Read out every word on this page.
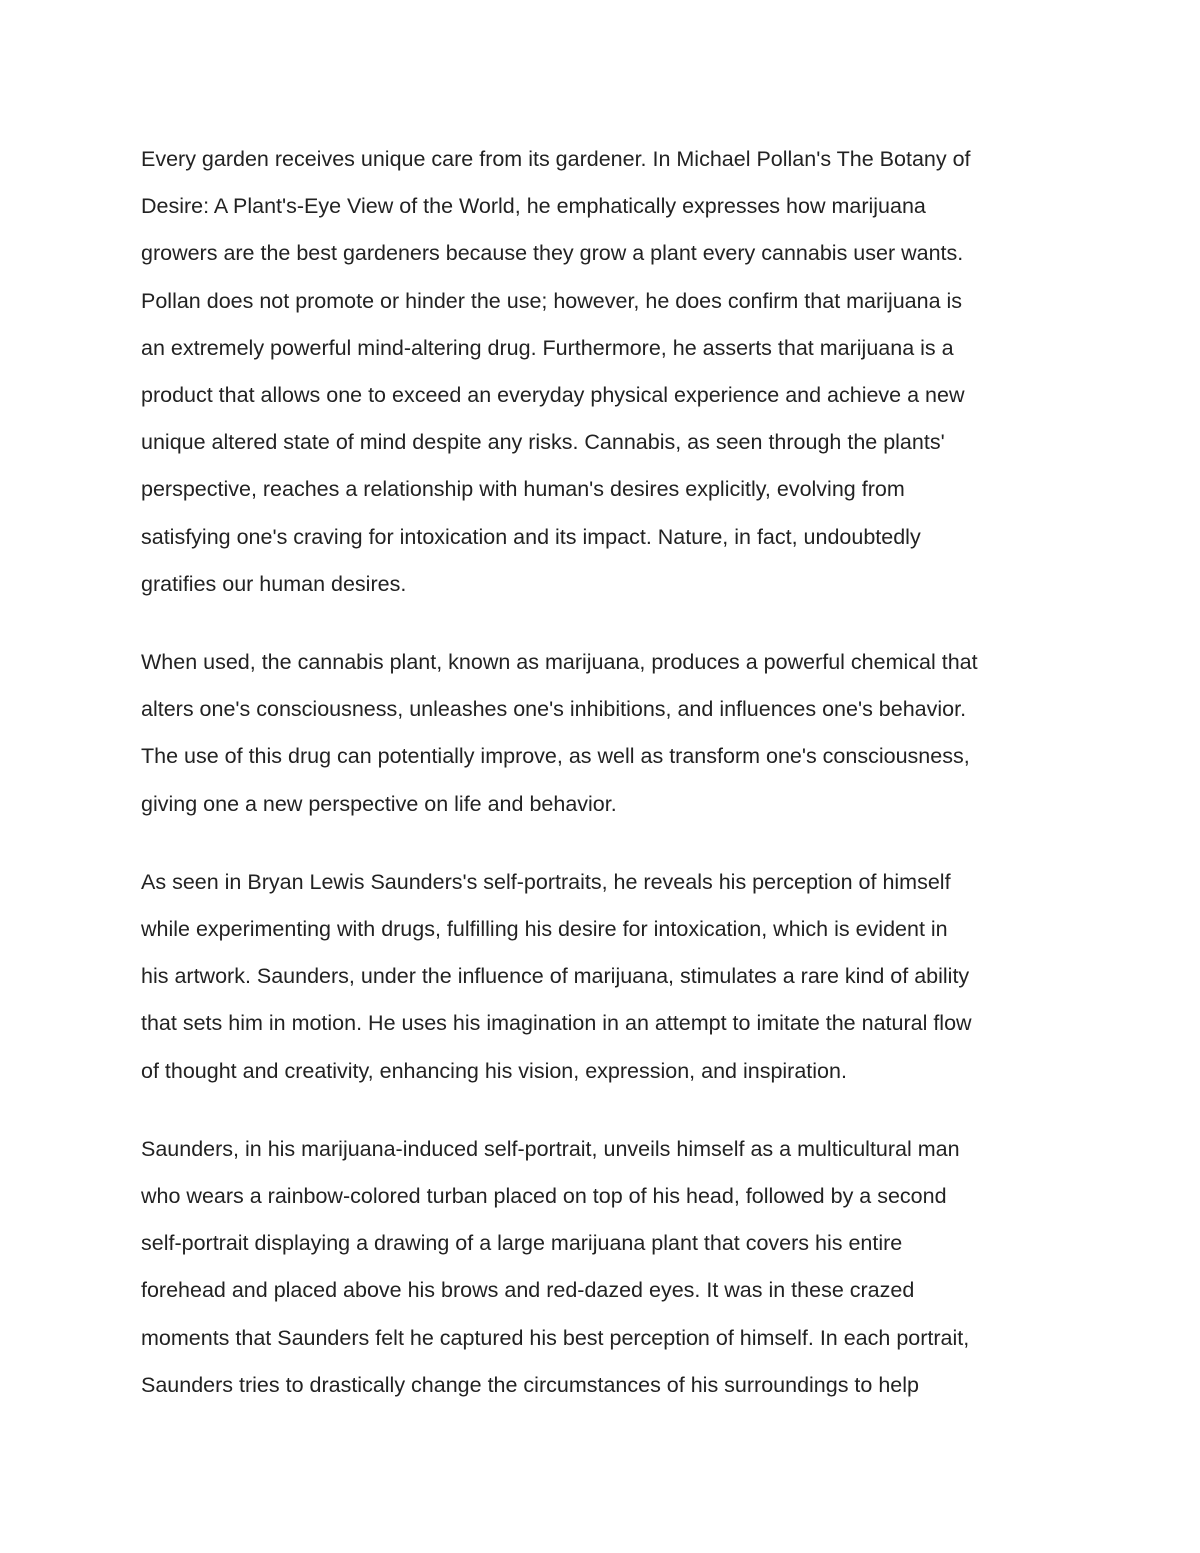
Every garden receives unique care from its gardener. In Michael Pollan's The Botany of
Desire: A Plant's-Eye View of the World, he emphatically expresses how marijuana
growers are the best gardeners because they grow a plant every cannabis user wants.
Pollan does not promote or hinder the use; however, he does confirm that marijuana is
an extremely powerful mind-altering drug. Furthermore, he asserts that marijuana is a
product that allows one to exceed an everyday physical experience and achieve a new
unique altered state of mind despite any risks. Cannabis, as seen through the plants'
perspective, reaches a relationship with human's desires explicitly, evolving from
satisfying one's craving for intoxication and its impact. Nature, in fact, undoubtedly
gratifies our human desires.

When used, the cannabis plant, known as marijuana, produces a powerful chemical that
alters one's consciousness, unleashes one's inhibitions, and influences one's behavior.
The use of this drug can potentially improve, as well as transform one's consciousness,
giving one a new perspective on life and behavior.

As seen in Bryan Lewis Saunders's self-portraits, he reveals his perception of himself
while experimenting with drugs, fulfilling his desire for intoxication, which is evident in
his artwork. Saunders, under the influence of marijuana, stimulates a rare kind of ability
that sets him in motion. He uses his imagination in an attempt to imitate the natural flow
of thought and creativity, enhancing his vision, expression, and inspiration.

Saunders, in his marijuana-induced self-portrait, unveils himself as a multicultural man
who wears a rainbow-colored turban placed on top of his head, followed by a second
self-portrait displaying a drawing of a large marijuana plant that covers his entire
forehead and placed above his brows and red-dazed eyes. It was in these crazed
moments that Saunders felt he captured his best perception of himself. In each portrait,
Saunders tries to drastically change the circumstances of his surroundings to help
